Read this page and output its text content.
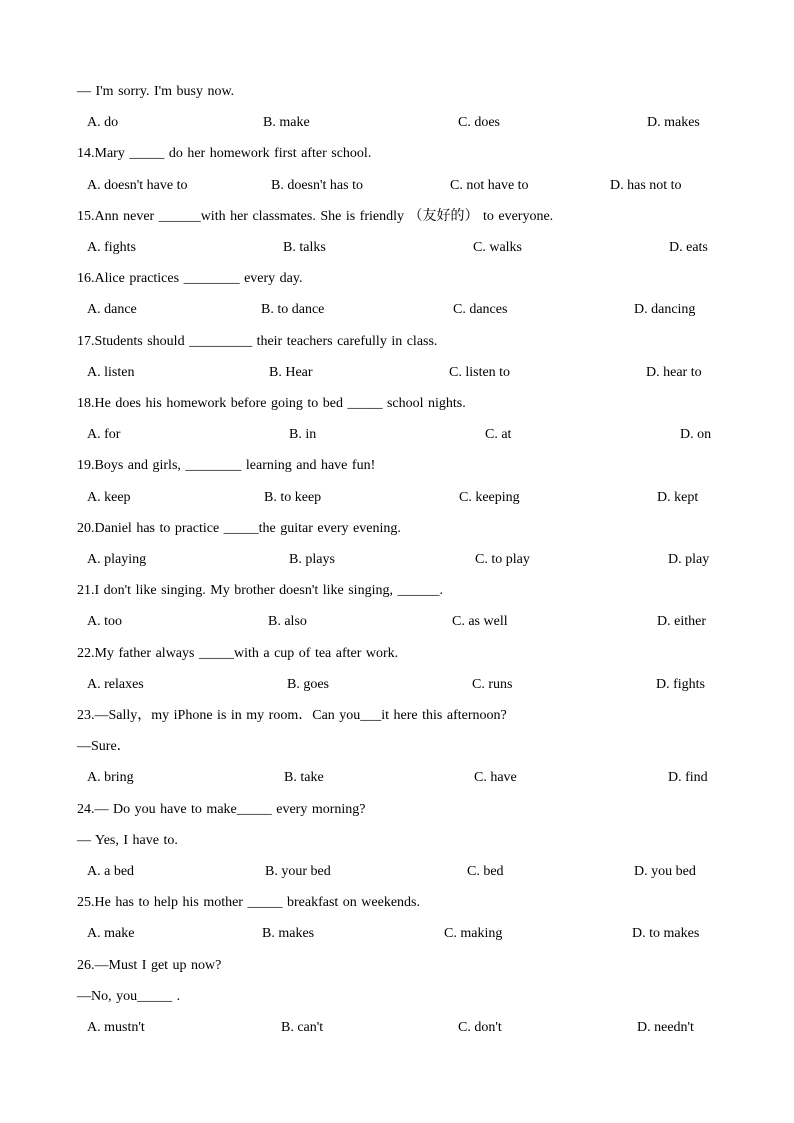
— I'm sorry. I'm busy now.
A. do	B. make	C. does	D. makes
14.Mary _____ do her homework first after school.
A. doesn't have to	B. doesn't has to	C. not have to	D. has not to
15.Ann never ______with her classmates. She is friendly （友好的） to everyone.
A. fights	B. talks	C. walks	D. eats
16.Alice practices ________ every day.
A. dance	B. to dance	C. dances	D. dancing
17.Students should _________ their teachers carefully in class.
A. listen	B. Hear	C. listen to	D. hear to
18.He does his homework before going to bed _____ school nights.
A. for	B. in	C. at	D. on
19.Boys and girls, ________ learning and have fun!
A. keep	B. to keep	C. keeping	D. kept
20.Daniel has to practice _____the guitar every evening.
A. playing	B. plays	C. to play	D. play
21.I don't like singing. My brother doesn't like singing, ______.
A. too	B. also	C. as well	D. either
22.My father always _____with a cup of tea after work.
A. relaxes	B. goes	C. runs	D. fights
23.—Sally，my iPhone is in my room．Can you___it here this afternoon?
—Sure．
A. bring	B. take	C. have	D. find
24.— Do you have to make_____ every morning?
— Yes, I have to.
A. a bed	B. your bed	C. bed	D. you bed
25.He has to help his mother _____ breakfast on weekends.
A. make	B. makes	C. making	D. to makes
26.—Must I get up now?
—No, you_____ .
A. mustn't	B. can't	C. don't	D. needn't
